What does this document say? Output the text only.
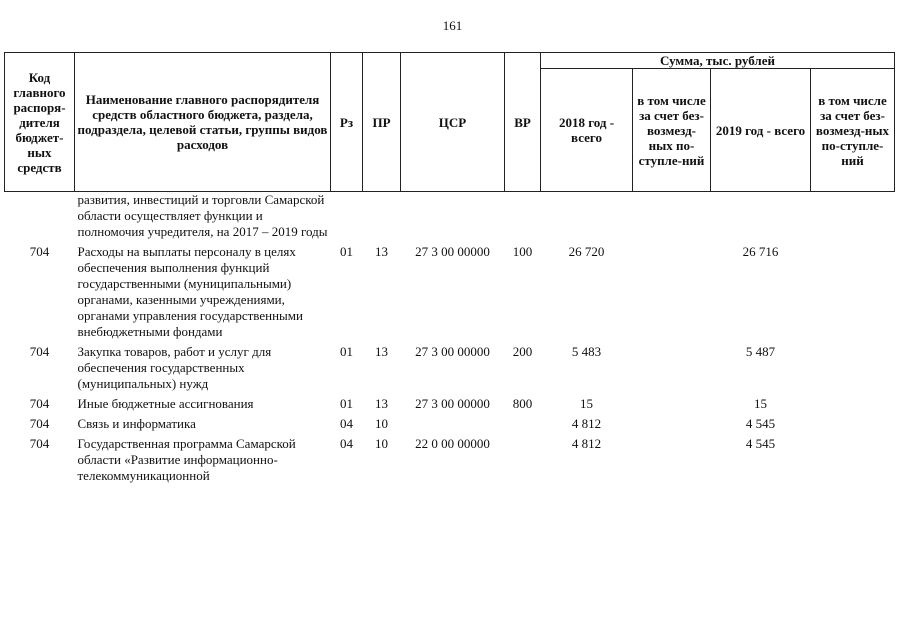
161
Код главного распоря-дителя бюджет-ных средств	Наименование главного распорядителя средств областного бюджета, раздела, подраздела, целевой статьи, группы видов расходов	Рз	ПР	ЦСР	ВР	Сумма, тыс. рублей			
						2018 год - всего	в том числе за счет без-возмезд-ных по-ступле-ний	2019 год - всего	в том числе за счет без-возмезд-ных по-ступле-ний
	развития, инвестиций и торговли Самарской области осуществляет функции и полномочия учредителя, на 2017 – 2019 годы								
704	Расходы на выплаты персоналу в целях обеспечения выполнения функций государственными (муниципальными) органами, казенными учреждениями, органами управления государственными внебюджетными фондами	01	13	27 3 00 00000	100	26 720		26 716	
704	Закупка товаров, работ и услуг для обеспечения государственных (муниципальных) нужд	01	13	27 3 00 00000	200	5 483		5 487	
704	Иные бюджетные ассигнования	01	13	27 3 00 00000	800	15		15	
704	Связь и информатика	04	10			4 812		4 545	
704	Государственная программа Самарской области «Развитие информационно-телекоммуникационной	04	10	22 0 00 00000		4 812		4 545	
